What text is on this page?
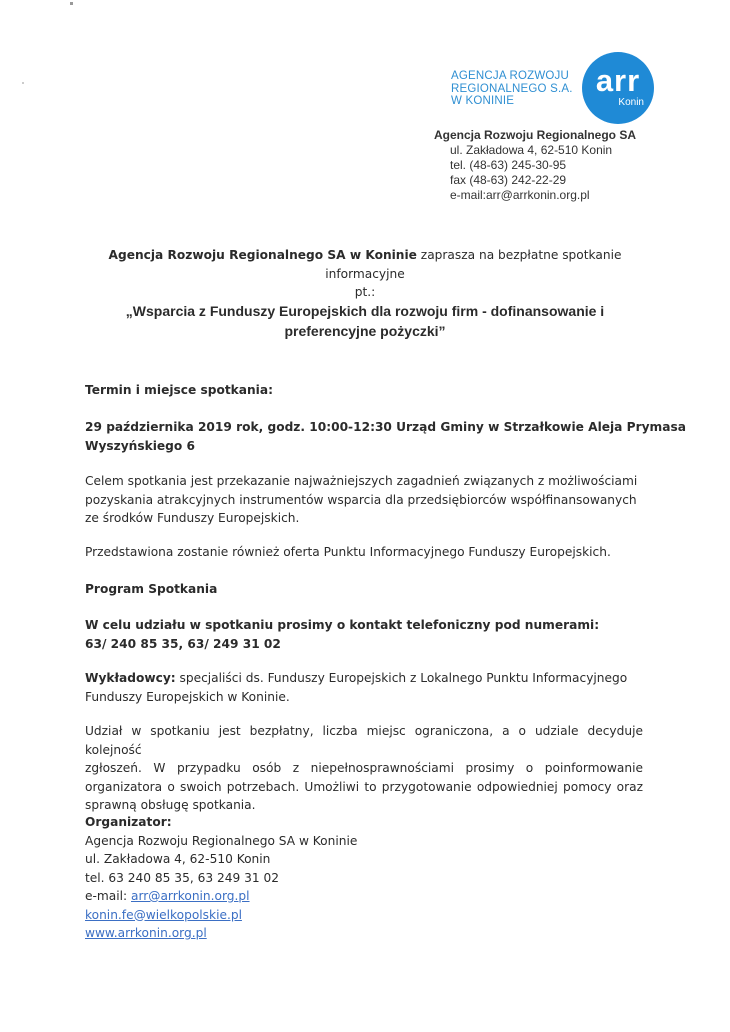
AGENCJA ROZWOJU
REGIONALNEGO S.A.
W KONINIE
arr
Konin
Agencja Rozwoju Regionalnego SA
ul. Zakładowa 4, 62-510 Konin
tel. (48-63) 245-30-95
fax (48-63) 242-22-29
e-mail:arr@arrkonin.org.pl
Agencja Rozwoju Regionalnego SA w Koninie zaprasza na bezpłatne spotkanie informacyjne
pt.:
„Wsparcia z Funduszy Europejskich dla rozwoju firm - dofinansowanie i
preferencyjne pożyczki”
Termin i miejsce spotkania:
29 października 2019 rok, godz. 10:00-12:30 Urząd Gminy w Strzałkowie Aleja Prymasa
Wyszyńskiego 6
Celem spotkania jest przekazanie najważniejszych zagadnień związanych z możliwościami
pozyskania atrakcyjnych instrumentów wsparcia dla przedsiębiorców współfinansowanych
ze środków Funduszy Europejskich.
Przedstawiona zostanie również oferta Punktu Informacyjnego Funduszy Europejskich.
Program Spotkania
W celu udziału w spotkaniu prosimy o kontakt telefoniczny pod numerami:
63/ 240 85 35, 63/ 249 31 02
Wykładowcy: specjaliści ds. Funduszy Europejskich z Lokalnego Punktu Informacyjnego
Funduszy Europejskich w Koninie.
Udział w spotkaniu jest bezpłatny, liczba miejsc ograniczona, a o udziale decyduje kolejność
zgłoszeń. W przypadku osób z niepełnosprawnościami prosimy o poinformowanie
organizatora o swoich potrzebach. Umożliwi to przygotowanie odpowiedniej pomocy oraz
sprawną obsługę spotkania.
Organizator:
Agencja Rozwoju Regionalnego SA w Koninie
ul. Zakładowa 4, 62-510 Konin
tel. 63 240 85 35, 63 249 31 02
e-mail: arr@arrkonin.org.pl
konin.fe@wielkopolskie.pl
www.arrkonin.org.pl
